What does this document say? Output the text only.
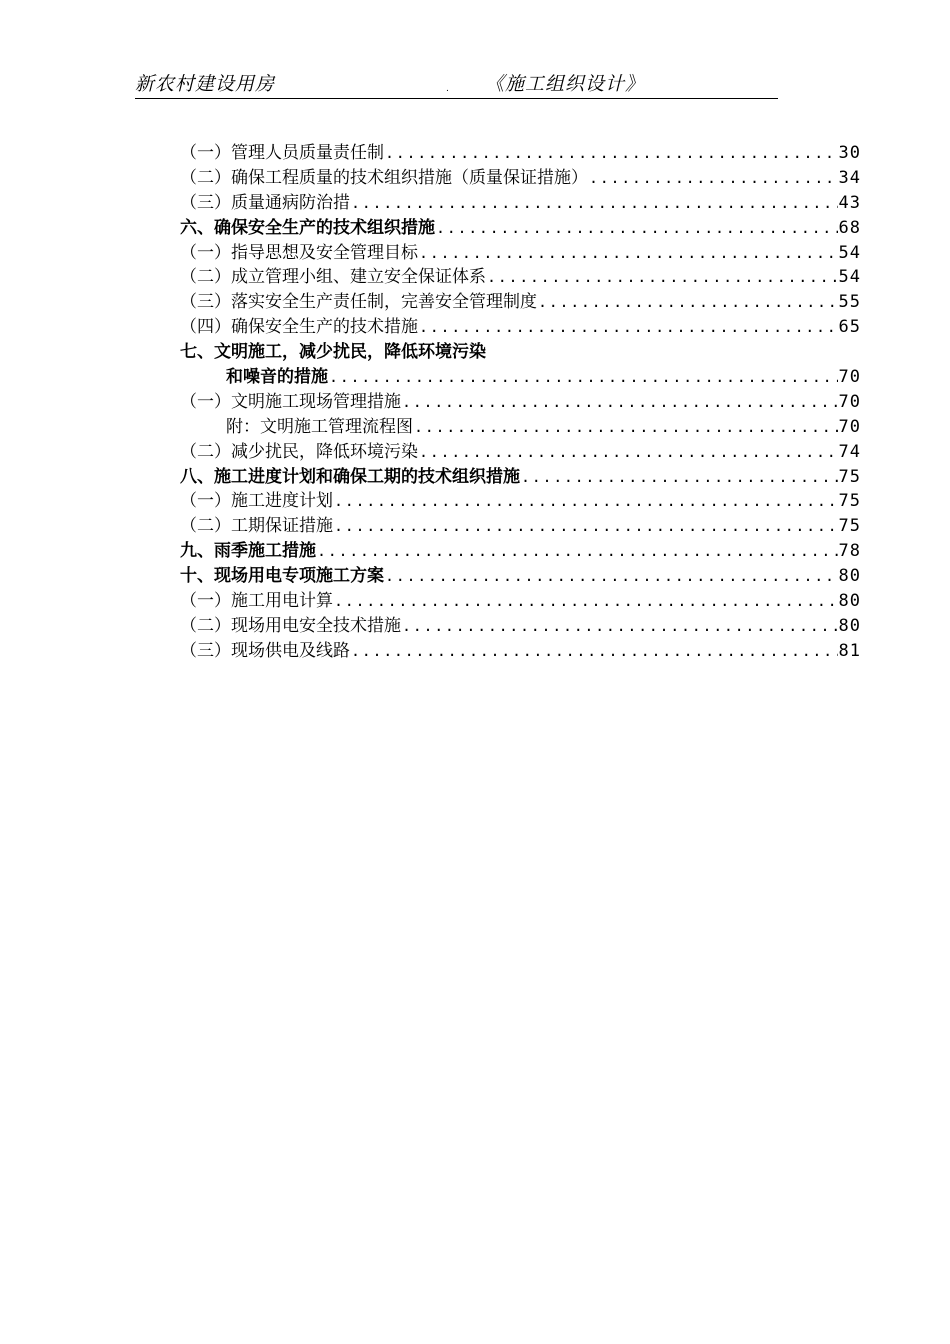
新农村建设用房	. 《施工组织设计》
（一）管理人员质量责任制 .....	30
（二）确保工程质量的技术组织措施（质量保证措施） .....	34
（三）质量通病防治措 .....	43
六、确保安全生产的技术组织措施 .....	68
（一）指导思想及安全管理目标 .....	54
（二）成立管理小组、建立安全保证体系 .....	54
（三）落实安全生产责任制，完善安全管理制度 .....	55
（四）确保安全生产的技术措施 .....	65
七、文明施工，减少扰民，降低环境污染
和噪音的措施 .....	70
（一）文明施工现场管理措施 .....	70
附：文明施工管理流程图 .....	70
（二）减少扰民，降低环境污染 .....	74
八、施工进度计划和确保工期的技术组织措施 .....	75
（一）施工进度计划 .....	75
（二）工期保证措施 .....	75
九、雨季施工措施 .....	78
十、现场用电专项施工方案 .....	80
（一）施工用电计算 .....	80
（二）现场用电安全技术措施 .....	80
（三）现场供电及线路 .....	81
